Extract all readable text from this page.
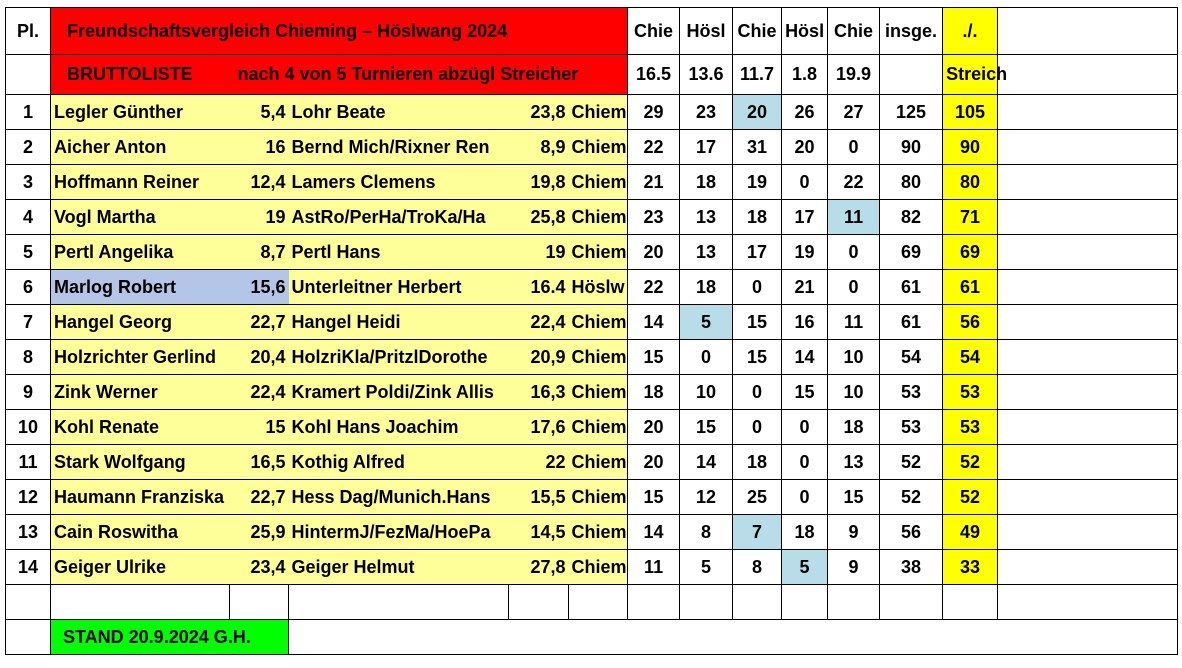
Pl.	Freundschaftsvergleich Chieming – Höslwang 2024					Chie	Hösl	Chie	Hösl	Chie	insge.	./.	
	BRUTTOLISTE	nach 4 von 5 Turnieren abzügl Streicher				16.5	13.6	11.7	1.8	19.9		Streich	
1	Legler Günther	5,4	Lohr Beate	23,8	Chiem	29	23	20	26	27	125	105	
2	Aicher Anton	16	Bernd Mich/Rixner Ren	8,9	Chiem	22	17	31	20	0	90	90	
3	Hoffmann Reiner	12,4	Lamers Clemens	19,8	Chiem	21	18	19	0	22	80	80	
4	Vogl Martha	19	AstRo/PerHa/TroKa/Ha	25,8	Chiem	23	13	18	17	11	82	71	
5	Pertl Angelika	8,7	Pertl Hans	19	Chiem	20	13	17	19	0	69	69	
6	Marlog Robert	15,6	Unterleitner Herbert	16.4	Höslw	22	18	0	21	0	61	61	
7	Hangel Georg	22,7	Hangel Heidi	22,4	Chiem	14	5	15	16	11	61	56	
8	Holzrichter Gerlind	20,4	HolzriKla/PritzlDorothe	20,9	Chiem	15	0	15	14	10	54	54	
9	Zink Werner	22,4	Kramert Poldi/Zink Allis	16,3	Chiem	18	10	0	15	10	53	53	
10	Kohl Renate	15	Kohl Hans Joachim	17,6	Chiem	20	15	0	0	18	53	53	
11	Stark Wolfgang	16,5	Kothig Alfred	22	Chiem	20	14	18	0	13	52	52	
12	Haumann Franziska	22,7	Hess Dag/Munich.Hans	15,5	Chiem	15	12	25	0	15	52	52	
13	Cain Roswitha	25,9	HintermJ/FezMa/HoePa	14,5	Chiem	14	8	7	18	9	56	49	
14	Geiger Ulrike	23,4	Geiger Helmut	27,8	Chiem	11	5	8	5	9	38	33	

	STAND 20.9.2024 G.H.												
